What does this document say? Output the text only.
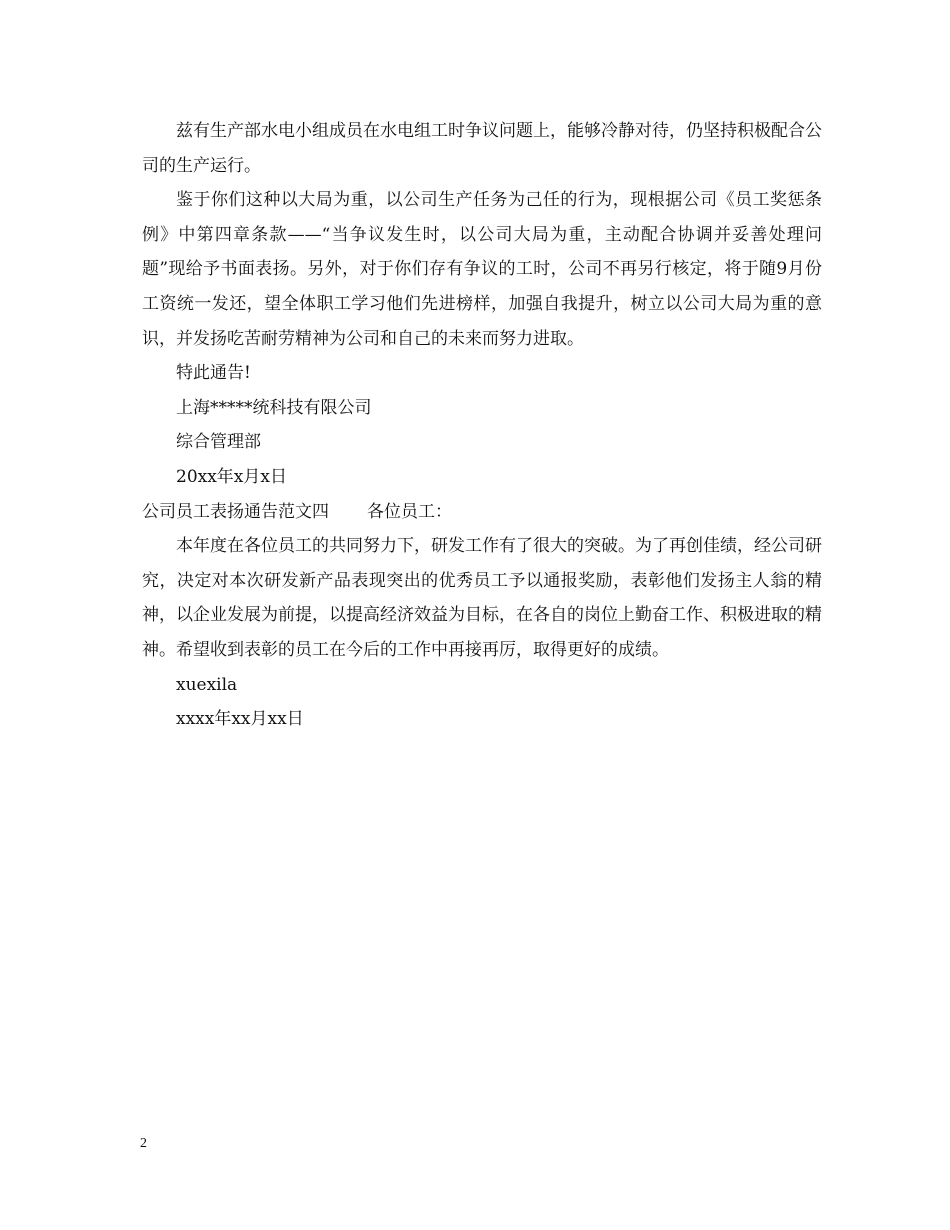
兹有生产部水电小组成员在水电组工时争议问题上，能够冷静对待，仍坚持积极配合公司的生产运行。

鉴于你们这种以大局为重，以公司生产任务为己任的行为，现根据公司《员工奖惩条例》中第四章条款——“当争议发生时，以公司大局为重，主动配合协调并妥善处理问题”现给予书面表扬。另外，对于你们存有争议的工时，公司不再另行核定，将于随9月份工资统一发还，望全体职工学习他们先进榜样，加强自我提升，树立以公司大局为重的意识，并发扬吃苦耐劳精神为公司和自己的未来而努力进取。

特此通告!

上海*****统科技有限公司

综合管理部

20xx年x月x日

公司员工表扬通告范文四 各位员工：

本年度在各位员工的共同努力下，研发工作有了很大的突破。为了再创佳绩，经公司研究，决定对本次研发新产品表现突出的优秀员工予以通报奖励，表彰他们发扬主人翁的精神，以企业发展为前提，以提高经济效益为目标，在各自的岗位上勤奋工作、积极进取的精神。希望收到表彰的员工在今后的工作中再接再厉，取得更好的成绩。

xuexila

xxxx年xx月xx日

2
